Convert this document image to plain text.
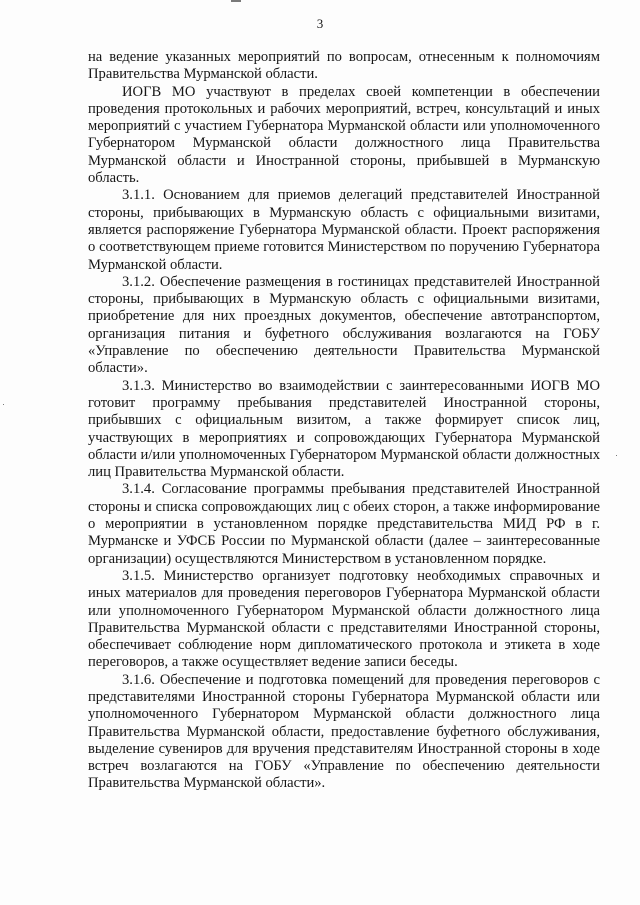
3

на ведение указанных мероприятий по вопросам, отнесенным к полномочиям Правительства Мурманской области.

ИОГВ МО участвуют в пределах своей компетенции в обеспечении проведения протокольных и рабочих мероприятий, встреч, консультаций и иных мероприятий с участием Губернатора Мурманской области или уполномоченного Губернатором Мурманской области должностного лица Правительства Мурманской области и Иностранной стороны, прибывшей в Мурманскую область.

3.1.1. Основанием для приемов делегаций представителей Иностранной стороны, прибывающих в Мурманскую область с официальными визитами, является распоряжение Губернатора Мурманской области. Проект распоряжения о соответствующем приеме готовится Министерством по поручению Губернатора Мурманской области.

3.1.2. Обеспечение размещения в гостиницах представителей Иностранной стороны, прибывающих в Мурманскую область с официальными визитами, приобретение для них проездных документов, обеспечение автотранспортом, организация питания и буфетного обслуживания возлагаются на ГОБУ «Управление по обеспечению деятельности Правительства Мурманской области».

3.1.3. Министерство во взаимодействии с заинтересованными ИОГВ МО готовит программу пребывания представителей Иностранной стороны, прибывших с официальным визитом, а также формирует список лиц, участвующих в мероприятиях и сопровождающих Губернатора Мурманской области и/или уполномоченных Губернатором Мурманской области должностных лиц Правительства Мурманской области.

3.1.4. Согласование программы пребывания представителей Иностранной стороны и списка сопровождающих лиц с обеих сторон, а также информирование о мероприятии в установленном порядке представительства МИД РФ в г. Мурманске и УФСБ России по Мурманской области (далее – заинтересованные организации) осуществляются Министерством в установленном порядке.

3.1.5. Министерство организует подготовку необходимых справочных и иных материалов для проведения переговоров Губернатора Мурманской области или уполномоченного Губернатором Мурманской области должностного лица Правительства Мурманской области с представителями Иностранной стороны, обеспечивает соблюдение норм дипломатического протокола и этикета в ходе переговоров, а также осуществляет ведение записи беседы.

3.1.6. Обеспечение и подготовка помещений для проведения переговоров с представителями Иностранной стороны Губернатора Мурманской области или уполномоченного Губернатором Мурманской области должностного лица Правительства Мурманской области, предоставление буфетного обслуживания, выделение сувениров для вручения представителям Иностранной стороны в ходе встреч возлагаются на ГОБУ «Управление по обеспечению деятельности Правительства Мурманской области».
